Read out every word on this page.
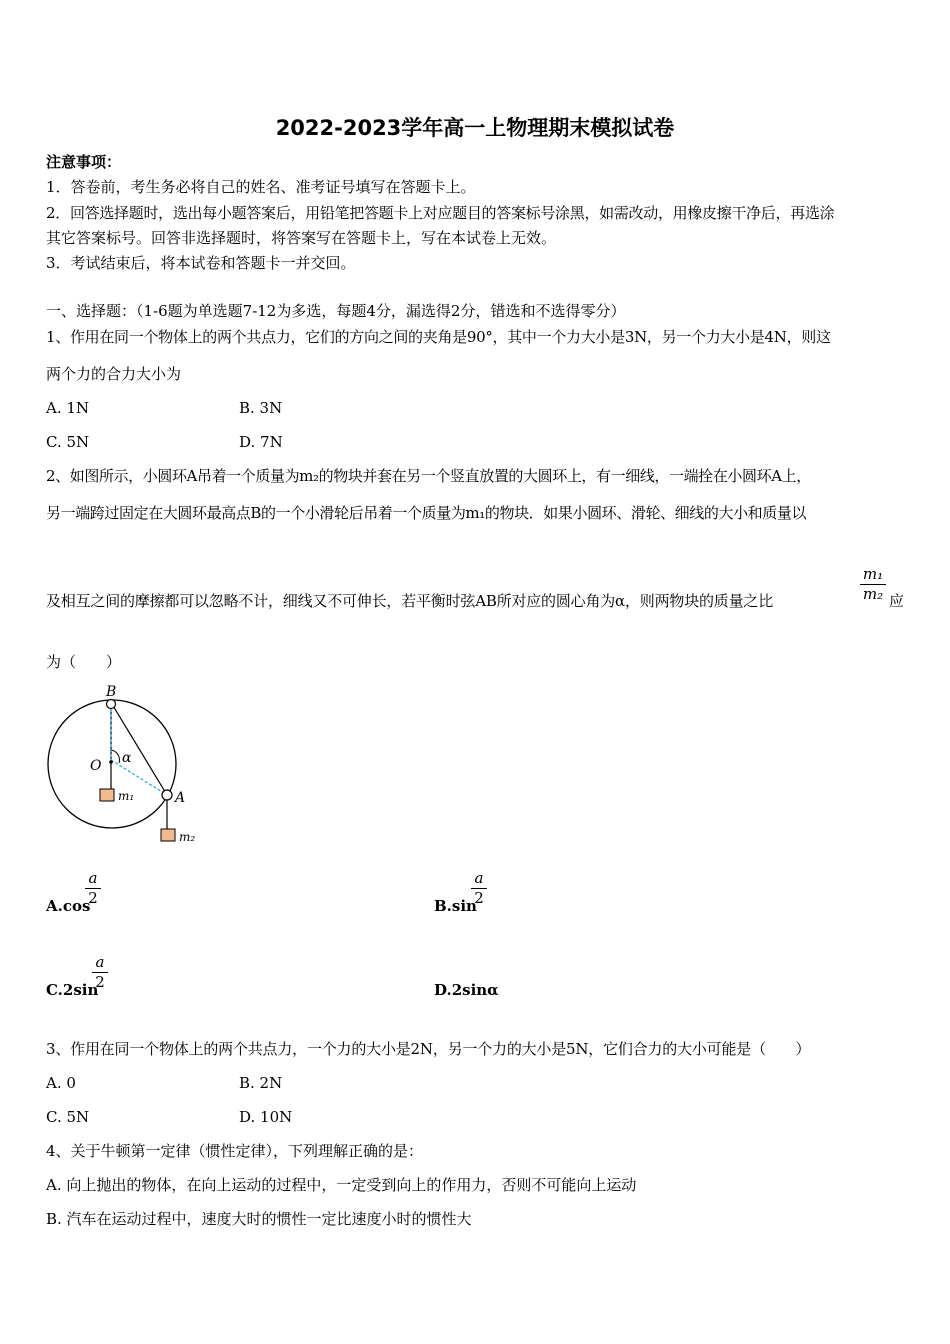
2022-2023学年高一上物理期末模拟试卷
注意事项：
1．答卷前，考生务必将自己的姓名、准考证号填写在答题卡上。
2．回答选择题时，选出每小题答案后，用铅笔把答题卡上对应题目的答案标号涂黑，如需改动，用橡皮擦干净后，再选涂
其它答案标号。回答非选择题时，将答案写在答题卡上，写在本试卷上无效。
3．考试结束后，将本试卷和答题卡一并交回。
一、选择题：（1-6题为单选题7-12为多选，每题4分，漏选得2分，错选和不选得零分）
1、作用在同一个物体上的两个共点力，它们的方向之间的夹角是90°，其中一个力大小是3N，另一个力大小是4N，则这
两个力的合力大小为
A. 1N	B. 3N
C. 5N	D. 7N
2、如图所示，小圆环A吊着一个质量为m₂的物块并套在另一个竖直放置的大圆环上，有一细线，一端拴在小圆环A上，
另一端跨过固定在大圆环最高点B的一个小滑轮后吊着一个质量为m₁的物块．如果小圆环、滑轮、细线的大小和质量以
及相互之间的摩擦都可以忽略不计，细线又不可伸长，若平衡时弦AB所对应的圆心角为α，则两物块的质量之比
m₁
m₂ 应
为（　　）
B
O α
A
m₁
m₂
A.cos
a
2	B.sin
a
2
C.2sin
a
2	D.2sinα
3、作用在同一个物体上的两个共点力，一个力的大小是2N，另一个力的大小是5N，它们合力的大小可能是（　　）
A. 0	B. 2N
C. 5N	D. 10N
4、关于牛顿第一定律（惯性定律），下列理解正确的是：
A. 向上抛出的物体，在向上运动的过程中，一定受到向上的作用力，否则不可能向上运动
B. 汽车在运动过程中，速度大时的惯性一定比速度小时的惯性大
